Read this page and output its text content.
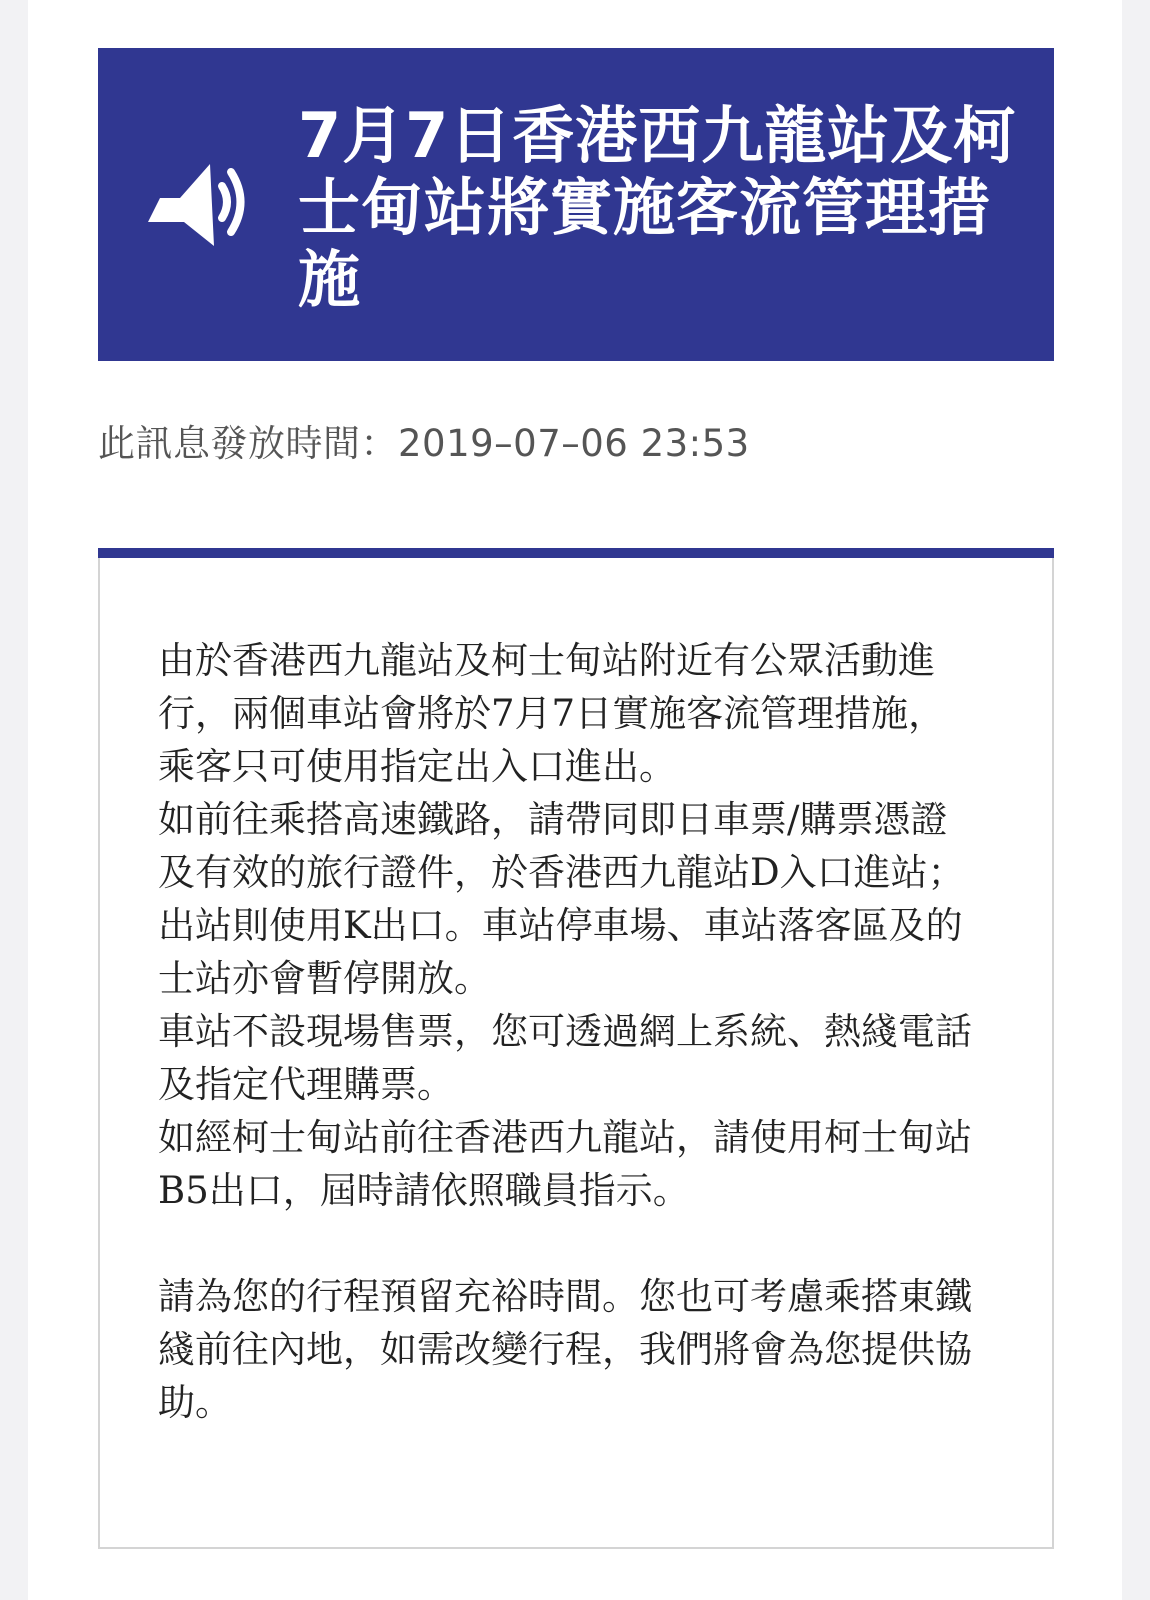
7月7日香港西九龍站及柯士甸站將實施客流管理措施
此訊息發放時間：2019–07–06 23:53

由於香港西九龍站及柯士甸站附近有公眾活動進行，兩個車站會將於7月7日實施客流管理措施，乘客只可使用指定出入口進出。

如前往乘搭高速鐵路，請帶同即日車票/購票憑證及有效的旅行證件，於香港西九龍站D入口進站；出站則使用K出口。車站停車場、車站落客區及的士站亦會暫停開放。

車站不設現場售票，您可透過網上系統、熱綫電話及指定代理購票。

如經柯士甸站前往香港西九龍站，請使用柯士甸站B5出口，屆時請依照職員指示。

請為您的行程預留充裕時間。您也可考慮乘搭東鐵綫前往內地，如需改變行程，我們將會為您提供協助。
